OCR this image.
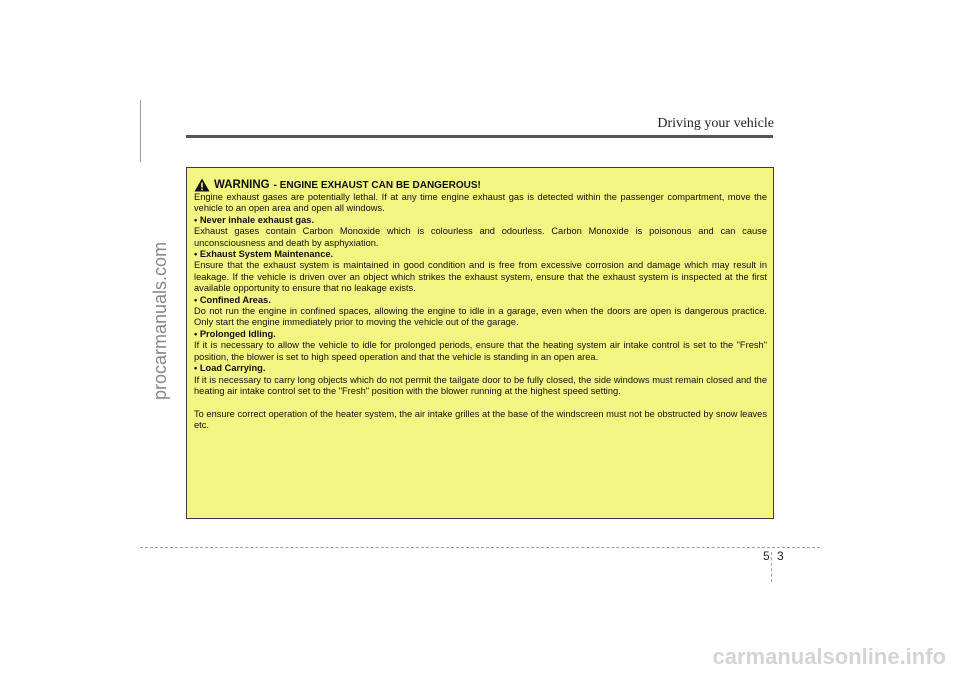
Driving your vehicle
procarmanuals.com
WARNING - ENGINE EXHAUST CAN BE DANGEROUS!

Engine exhaust gases are potentially lethal. If at any time engine exhaust gas is detected within the passenger compartment, move the vehicle to an open area and open all windows.

• Never inhale exhaust gas.

Exhaust gases contain Carbon Monoxide which is colourless and odourless. Carbon Monoxide is poisonous and can cause unconsciousness and death by asphyxiation.

• Exhaust System Maintenance.

Ensure that the exhaust system is maintained in good condition and is free from excessive corrosion and damage which may result in leakage. If the vehicle is driven over an object which strikes the exhaust system, ensure that the exhaust system is inspected at the first available opportunity to ensure that no leakage exists.

• Confined Areas.

Do not run the engine in confined spaces, allowing the engine to idle in a garage, even when the doors are open is dangerous practice. Only start the engine immediately prior to moving the vehicle out of the garage.

• Prolonged Idling.

If it is necessary to allow the vehicle to idle for prolonged periods, ensure that the heating system air intake control is set to the "Fresh" position, the blower is set to high speed operation and that the vehicle is standing in an open area.

• Load Carrying.

If it is necessary to carry long objects which do not permit the tailgate door to be fully closed, the side windows must remain closed and the heating air intake control set to the "Fresh" position with the blower running at the highest speed setting.

To ensure correct operation of the heater system, the air intake grilles at the base of the windscreen must not be obstructed by snow leaves etc.

5 3
carmanualsonline.info
